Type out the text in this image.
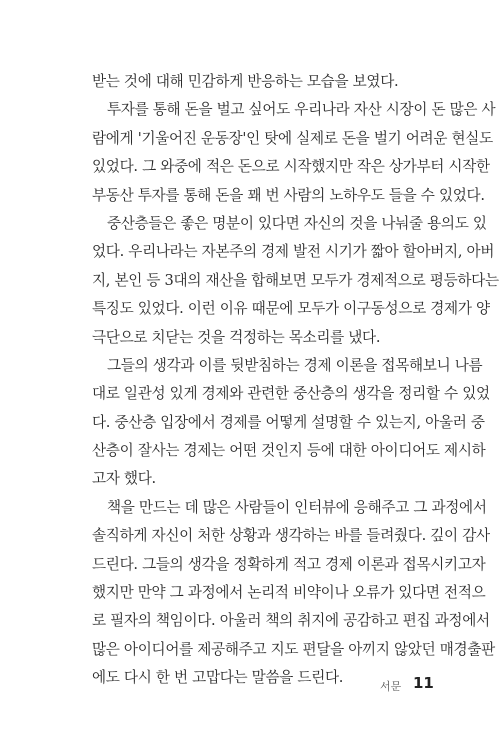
받는 것에 대해 민감하게 반응하는 모습을 보였다.
투자를 통해 돈을 벌고 싶어도 우리나라 자산 시장이 돈 많은 사
람에게 '기울어진 운동장'인 탓에 실제로 돈을 벌기 어려운 현실도
있었다. 그 와중에 적은 돈으로 시작했지만 작은 상가부터 시작한
부동산 투자를 통해 돈을 꽤 번 사람의 노하우도 들을 수 있었다.
중산층들은 좋은 명분이 있다면 자신의 것을 나눠줄 용의도 있
었다. 우리나라는 자본주의 경제 발전 시기가 짧아 할아버지, 아버
지, 본인 등 3대의 재산을 합해보면 모두가 경제적으로 평등하다는
특징도 있었다. 이런 이유 때문에 모두가 이구동성으로 경제가 양
극단으로 치닫는 것을 걱정하는 목소리를 냈다.
그들의 생각과 이를 뒷받침하는 경제 이론을 접목해보니 나름
대로 일관성 있게 경제와 관련한 중산층의 생각을 정리할 수 있었
다. 중산층 입장에서 경제를 어떻게 설명할 수 있는지, 아울러 중
산층이 잘사는 경제는 어떤 것인지 등에 대한 아이디어도 제시하
고자 했다.
책을 만드는 데 많은 사람들이 인터뷰에 응해주고 그 과정에서
솔직하게 자신이 처한 상황과 생각하는 바를 들려줬다. 깊이 감사
드린다. 그들의 생각을 정확하게 적고 경제 이론과 접목시키고자
했지만 만약 그 과정에서 논리적 비약이나 오류가 있다면 전적으
로 필자의 책임이다. 아울러 책의 취지에 공감하고 편집 과정에서
많은 아이디어를 제공해주고 지도 편달을 아끼지 않았던 매경출판
에도 다시 한 번 고맙다는 말씀을 드린다.
서문 11
